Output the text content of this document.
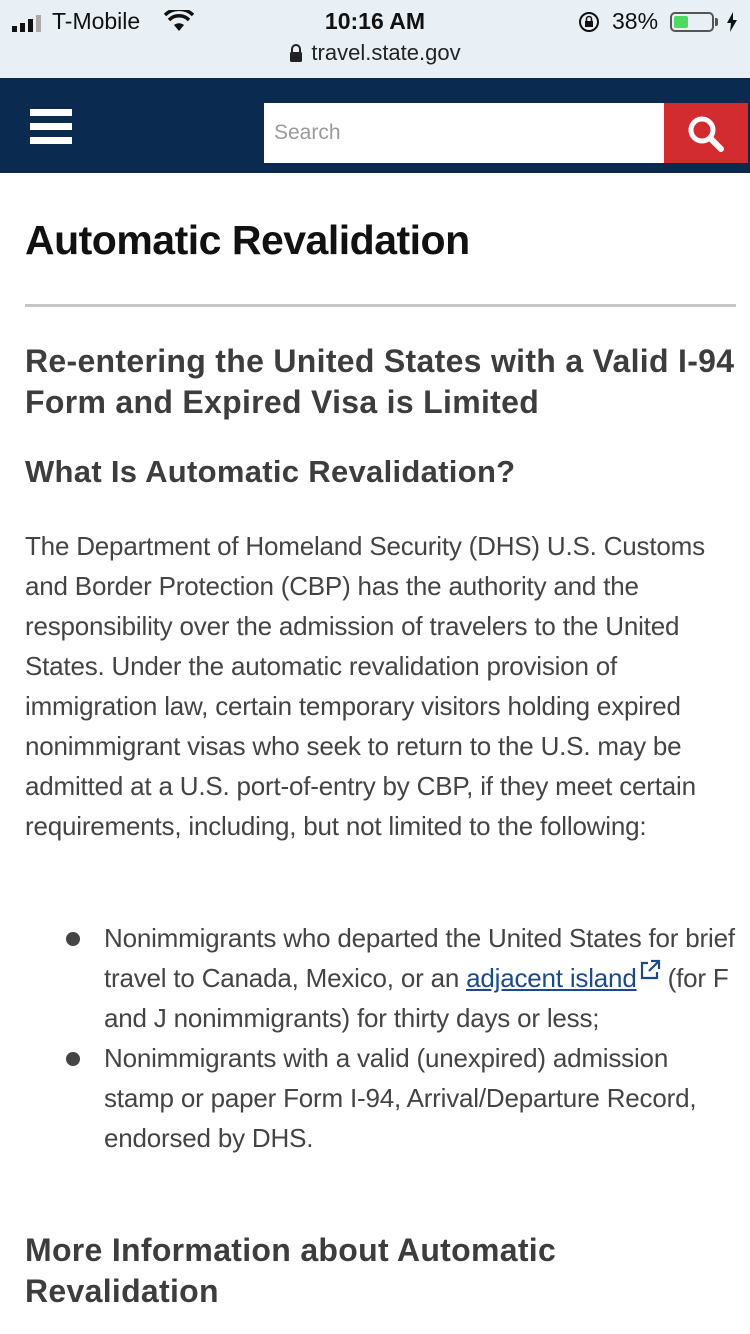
T-Mobile	10:16 AM	38%
travel.state.gov
Search
Automatic Revalidation
Re-entering the United States with a Valid I-94 Form and Expired Visa is Limited
What Is Automatic Revalidation?

The Department of Homeland Security (DHS) U.S. Customs and Border Protection (CBP) has the authority and the responsibility over the admission of travelers to the United States. Under the automatic revalidation provision of immigration law, certain temporary visitors holding expired nonimmigrant visas who seek to return to the U.S. may be admitted at a U.S. port-of-entry by CBP, if they meet certain requirements, including, but not limited to the following:

Nonimmigrants who departed the United States for brief travel to Canada, Mexico, or an adjacent island (for F and J nonimmigrants) for thirty days or less;
Nonimmigrants with a valid (unexpired) admission stamp or paper Form I-94, Arrival/Departure Record, endorsed by DHS.
More Information about Automatic Revalidation
